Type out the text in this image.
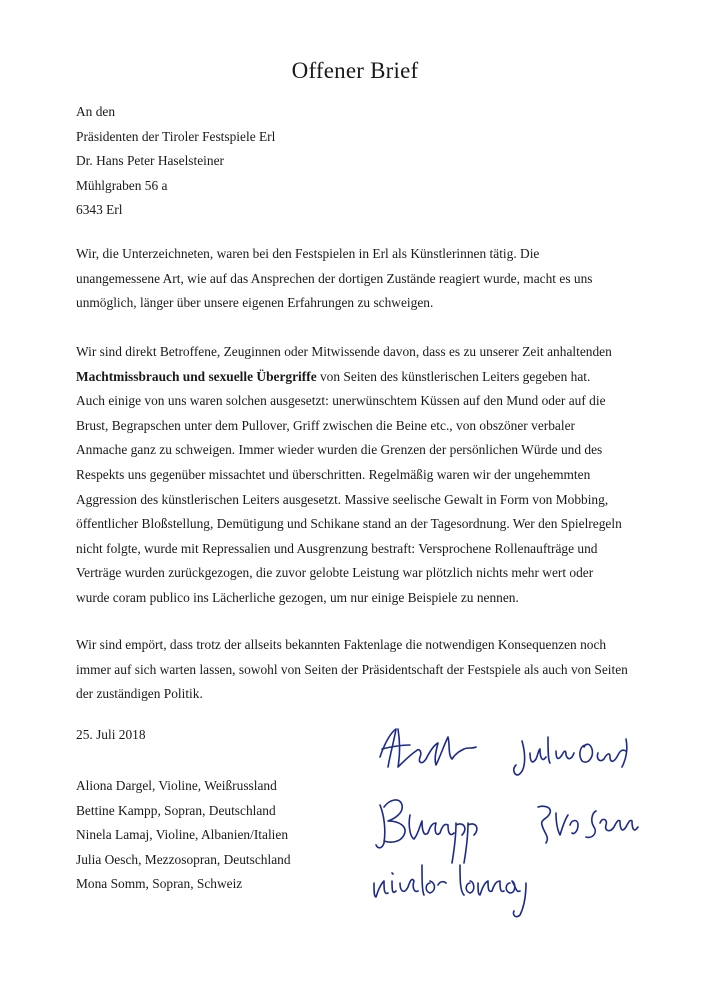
Offener Brief
An den
Präsidenten der Tiroler Festspiele Erl
Dr. Hans Peter Haselsteiner
Mühlgraben 56 a
6343 Erl
Wir, die Unterzeichneten, waren bei den Festspielen in Erl als Künstlerinnen tätig. Die
unangemessene Art, wie auf das Ansprechen der dortigen Zustände reagiert wurde, macht es uns
unmöglich, länger über unsere eigenen Erfahrungen zu schweigen.
Wir sind direkt Betroffene, Zeuginnen oder Mitwissende davon, dass es zu unserer Zeit anhaltenden
Machtmissbrauch und sexuelle Übergriffe von Seiten des künstlerischen Leiters gegeben hat.
Auch einige von uns waren solchen ausgesetzt: unerwünschtem Küssen auf den Mund oder auf die
Brust, Begrapschen unter dem Pullover, Griff zwischen die Beine etc., von obszöner verbaler
Anmache ganz zu schweigen. Immer wieder wurden die Grenzen der persönlichen Würde und des
Respekts uns gegenüber missachtet und überschritten. Regelmäßig waren wir der ungehemmten
Aggression des künstlerischen Leiters ausgesetzt. Massive seelische Gewalt in Form von Mobbing,
öffentlicher Bloßstellung, Demütigung und Schikane stand an der Tagesordnung. Wer den Spielregeln
nicht folgte, wurde mit Repressalien und Ausgrenzung bestraft: Versprochene Rollenaufträge und
Verträge wurden zurückgezogen, die zuvor gelobte Leistung war plötzlich nichts mehr wert oder
wurde coram publico ins Lächerliche gezogen, um nur einige Beispiele zu nennen.
Wir sind empört, dass trotz der allseits bekannten Faktenlage die notwendigen Konsequenzen noch
immer auf sich warten lassen, sowohl von Seiten der Präsidentschaft der Festspiele als auch von Seiten
der zuständigen Politik.
25. Juli 2018
Aliona Dargel, Violine, Weißrussland
Bettine Kampp, Sopran, Deutschland
Ninela Lamaj, Violine, Albanien/Italien
Julia Oesch, Mezzosopran, Deutschland
Mona Somm, Sopran, Schweiz
